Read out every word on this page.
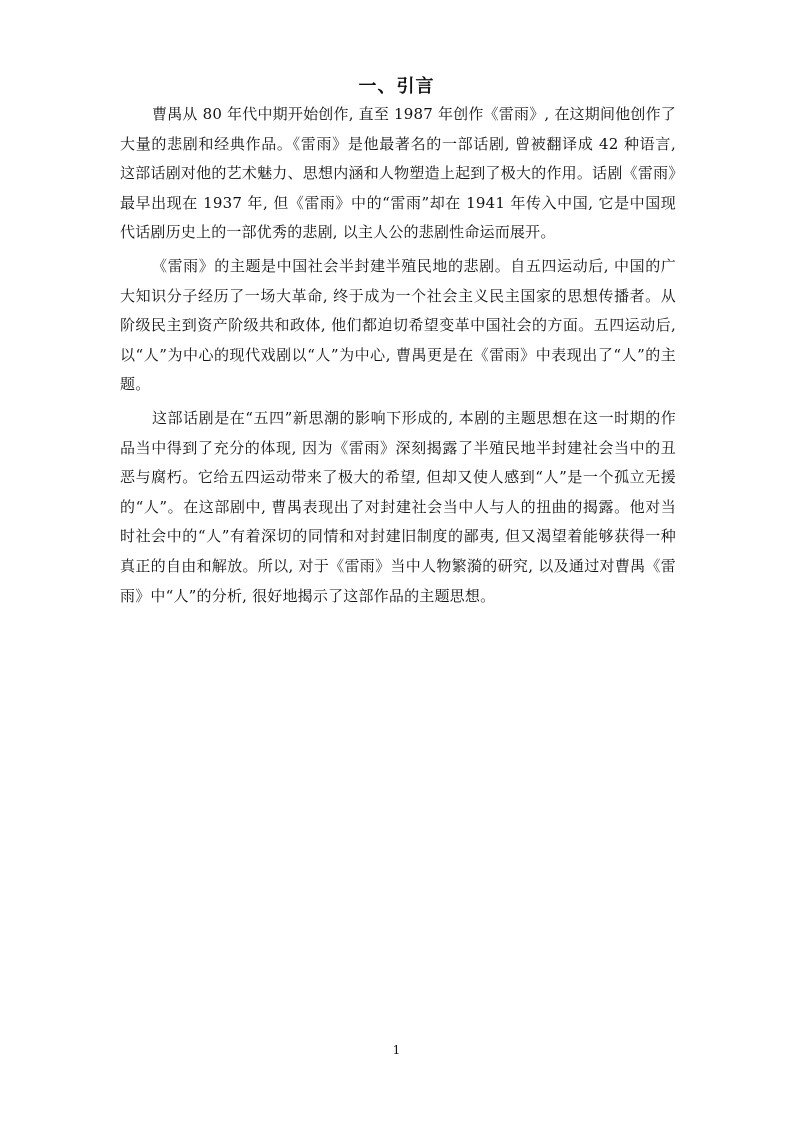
一、引言

曹禺从 80 年代中期开始创作, 直至 1987 年创作《雷雨》, 在这期间他创作了大量的悲剧和经典作品。《雷雨》是他最著名的一部话剧, 曾被翻译成 42 种语言, 这部话剧对他的艺术魅力、思想内涵和人物塑造上起到了极大的作用。话剧《雷雨》最早出现在 1937 年, 但《雷雨》中的“雷雨”却在 1941 年传入中国, 它是中国现代话剧历史上的一部优秀的悲剧, 以主人公的悲剧性命运而展开。

《雷雨》的主题是中国社会半封建半殖民地的悲剧。自五四运动后, 中国的广大知识分子经历了一场大革命, 终于成为一个社会主义民主国家的思想传播者。从阶级民主到资产阶级共和政体, 他们都迫切希望变革中国社会的方面。五四运动后, 以“人”为中心的现代戏剧以“人”为中心, 曹禺更是在《雷雨》中表现出了“人”的主题。

这部话剧是在“五四”新思潮的影响下形成的, 本剧的主题思想在这一时期的作品当中得到了充分的体现, 因为《雷雨》深刻揭露了半殖民地半封建社会当中的丑恶与腐朽。它给五四运动带来了极大的希望, 但却又使人感到“人”是一个孤立无援的“人”。在这部剧中, 曹禺表现出了对封建社会当中人与人的扭曲的揭露。他对当时社会中的“人”有着深切的同情和对封建旧制度的鄙夷, 但又渴望着能够获得一种真正的自由和解放。所以, 对于《雷雨》当中人物繁漪的研究, 以及通过对曹禺《雷雨》中“人”的分析, 很好地揭示了这部作品的主题思想。

1
